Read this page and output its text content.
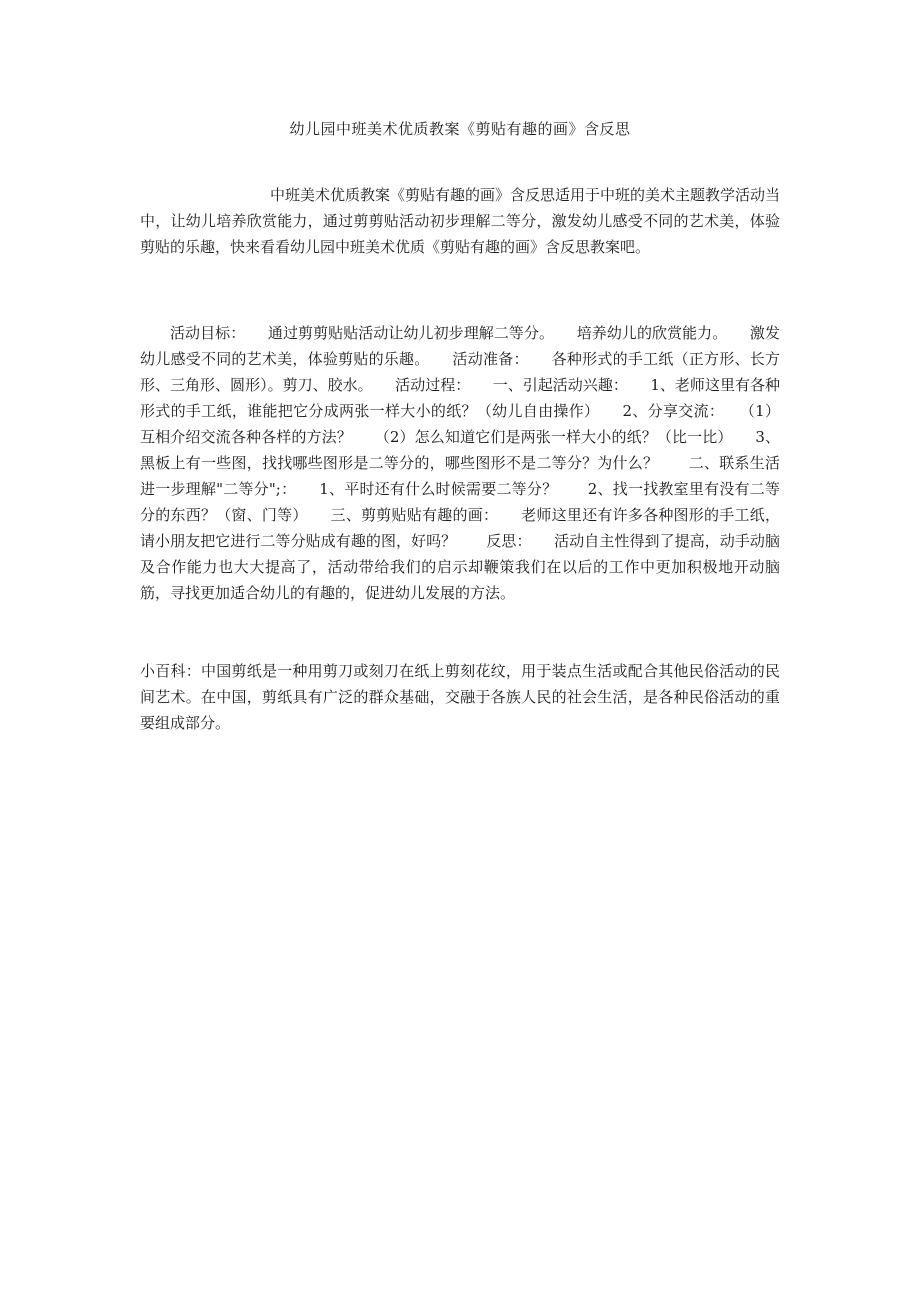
幼儿园中班美术优质教案《剪贴有趣的画》含反思

中班美术优质教案《剪贴有趣的画》含反思适用于中班的美术主题教学活动当中，让幼儿培养欣赏能力，通过剪剪贴活动初步理解二等分，激发幼儿感受不同的艺术美，体验剪贴的乐趣，快来看看幼儿园中班美术优质《剪贴有趣的画》含反思教案吧。

活动目标：　　通过剪剪贴贴活动让幼儿初步理解二等分。　　培养幼儿的欣赏能力。　　激发幼儿感受不同的艺术美，体验剪贴的乐趣。　　活动准备：　　各种形式的手工纸（正方形、长方形、三角形、圆形）。剪刀、胶水。　　活动过程：　　一、引起活动兴趣：　　1、老师这里有各种形式的手工纸，谁能把它分成两张一样大小的纸？（幼儿自由操作）　　2、分享交流：　　（1）互相介绍交流各种各样的方法？　　（2）怎么知道它们是两张一样大小的纸？（比一比）　　3、黑板上有一些图，找找哪些图形是二等分的，哪些图形不是二等分？为什么？　　二、联系生活进一步理解"二等分";：　　1、平时还有什么时候需要二等分？　　2、找一找教室里有没有二等分的东西？（窗、门等）　　三、剪剪贴贴有趣的画：　　老师这里还有许多各种图形的手工纸，请小朋友把它进行二等分贴成有趣的图，好吗？　　反思：　　活动自主性得到了提高，动手动脑及合作能力也大大提高了，活动带给我们的启示却鞭策我们在以后的工作中更加积极地开动脑筋，寻找更加适合幼儿的有趣的，促进幼儿发展的方法。

小百科：中国剪纸是一种用剪刀或刻刀在纸上剪刻花纹，用于装点生活或配合其他民俗活动的民间艺术。在中国，剪纸具有广泛的群众基础，交融于各族人民的社会生活，是各种民俗活动的重要组成部分。
